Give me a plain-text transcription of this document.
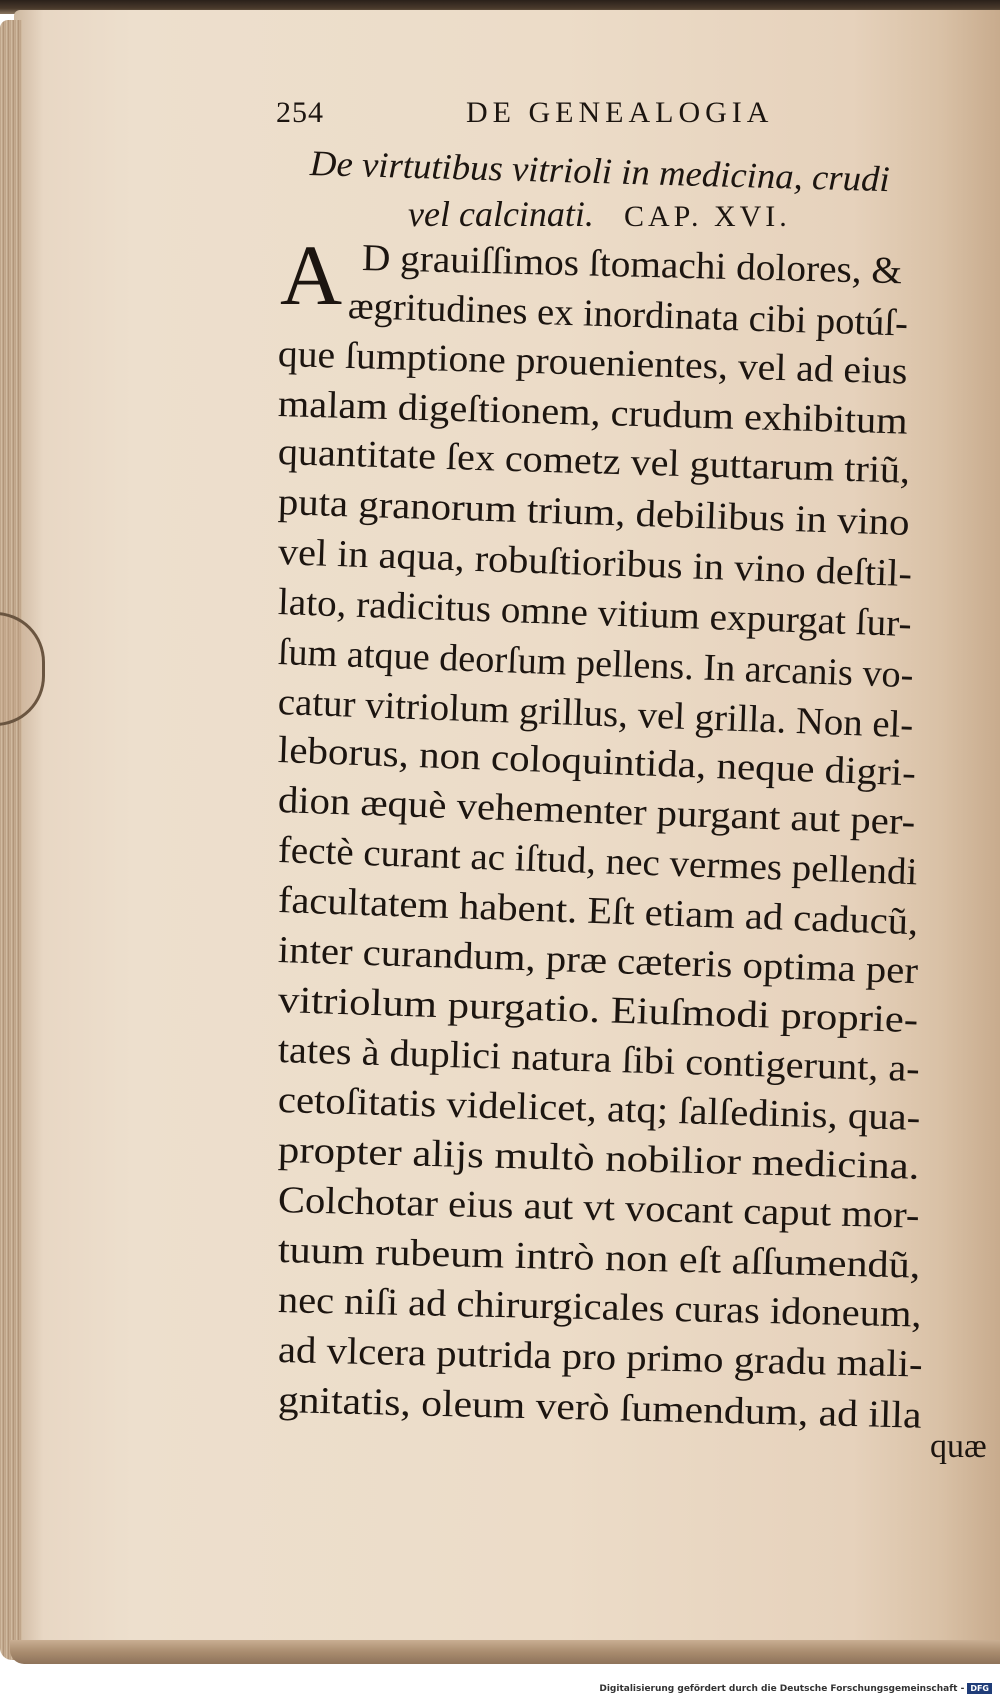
254	DE GENEALOGIA
De virtutibus vitrioli in medicina, crudi
vel calcinati. CAP. XVI.
A D grauiſſimos ſtomachi dolores, &
ægritudines ex inordinata cibi potúſ-
que ſumptione prouenientes, vel ad eius
malam digeſtionem, crudum exhibitum
quantitate ſex cometz vel guttarum triũ,
puta granorum trium, debilibus in vino
vel in aqua, robuſtioribus in vino deſtil-
lato, radicitus omne vitium expurgat ſur-
ſum atque deorſum pellens. In arcanis vo-
catur vitriolum grillus, vel grilla. Non el-
leborus, non coloquintida, neque digri-
dion æquè vehementer purgant aut per-
fectè curant ac iſtud, nec vermes pellendi
facultatem habent. Eſt etiam ad caducũ,
inter curandum, præ cæteris optima per
vitriolum purgatio. Eiuſmodi proprie-
tates à duplici natura ſibi contigerunt, a-
cetoſitatis videlicet, atq; ſalſedinis, qua-
propter alijs multò nobilior medicina.
Colchotar eius aut vt vocant caput mor-
tuum rubeum intrò non eſt aſſumendũ,
nec niſi ad chirurgicales curas idoneum,
ad vlcera putrida pro primo gradu mali-
gnitatis, oleum verò ſumendum, ad illa
quæ
Digitalisierung gefördert durch die Deutsche Forschungsgemeinschaft - DFG
